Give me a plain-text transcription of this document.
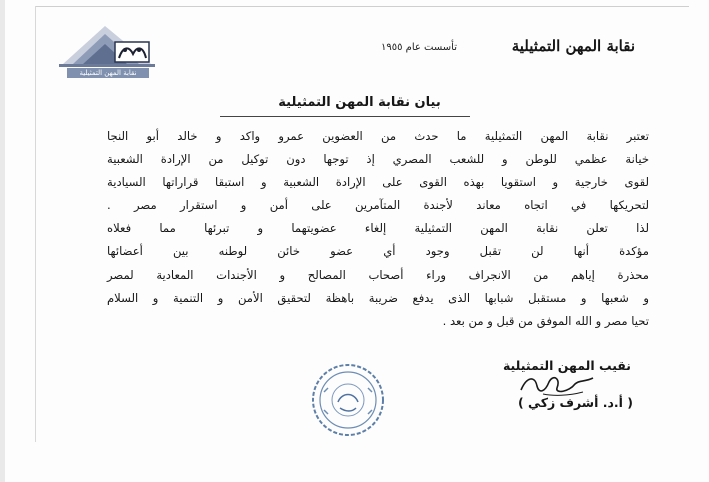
نقابة المهن التمثيلية
نقابة المهن التمثيلية
تأسست عام ١٩٥٥
بيان نقابة المهن التمثيلية
تعتبر نقابة المهن التمثيلية ما حدث من العضوين عمرو واكد و خالد أبو النجا
خيانة عظمي للوطن و للشعب المصري إذ توجها دون توكيل من الإرادة الشعبية
لقوى خارجية و استقويا بهذه القوى على الإرادة الشعبية و استبقا قراراتها السيادية
لتحريكها في اتجاه معاند لأجندة المتآمرين على أمن و استقرار مصر .
لذا تعلن نقابة المهن التمثيلية إلغاء عضويتهما و تبرئها مما فعلاه
مؤكدة أنها لن تقبل وجود أي عضو خائن لوطنه بين أعضائها
محذرة إياهم من الانجراف وراء أصحاب المصالح و الأجندات المعادية لمصر
و شعبها و مستقبل شبابها الذى يدفع ضريبة باهظة لتحقيق الأمن و التنمية و السلام
تحيا مصر و الله الموفق من قبل و من بعد .
نقيب المهن التمثيلية
( أ.د. أشرف زكي )
